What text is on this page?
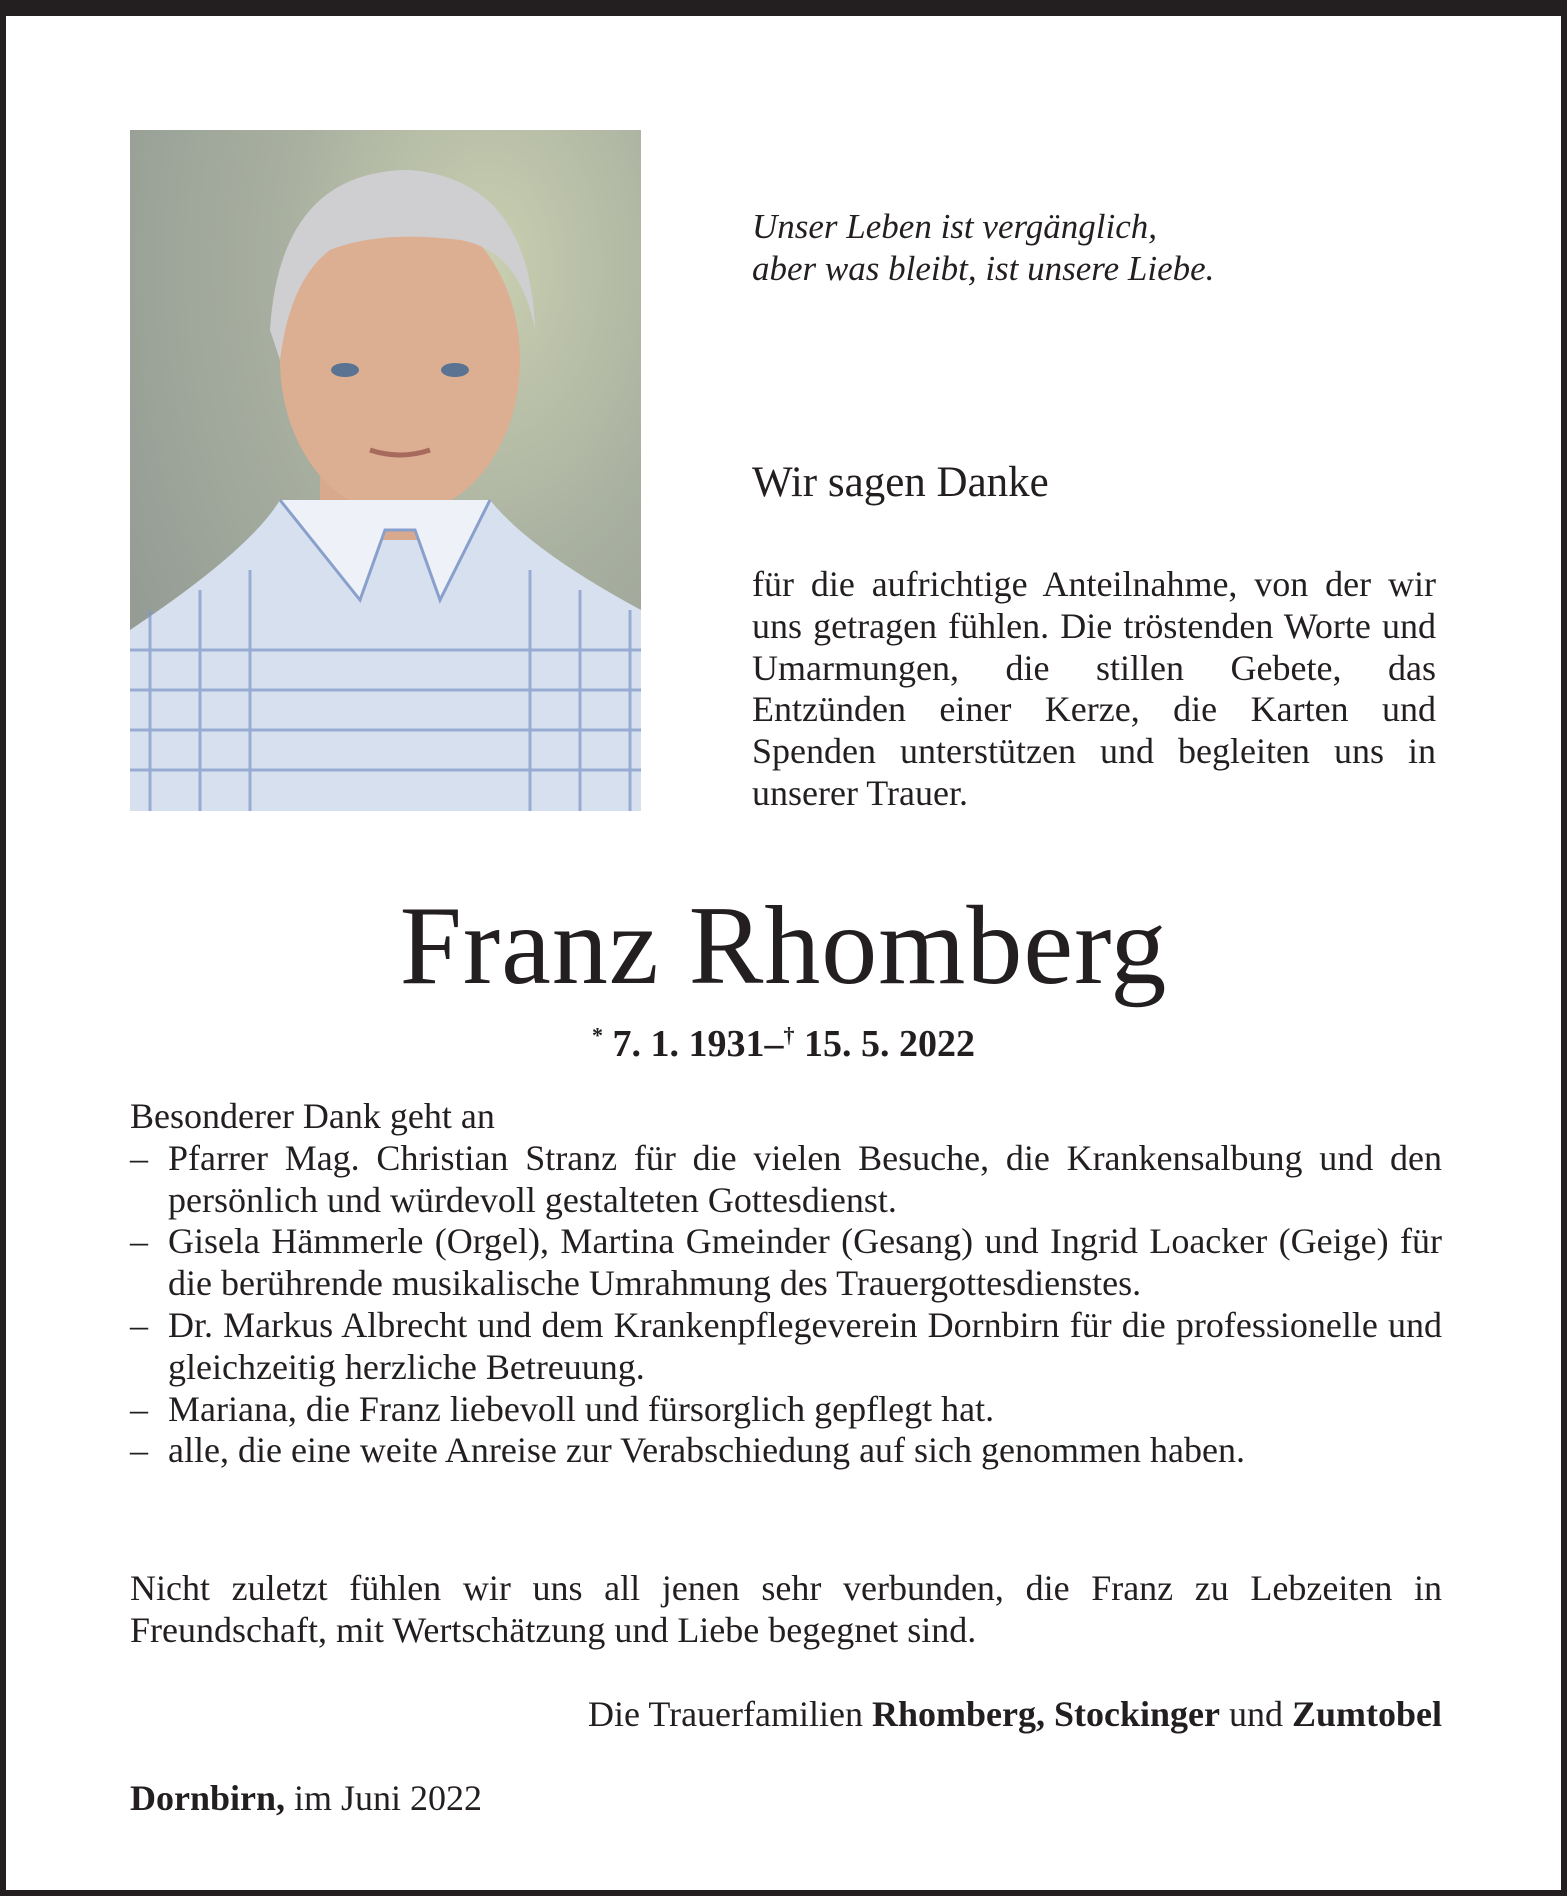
Unser Leben ist vergänglich,
aber was bleibt, ist unsere Liebe.
Wir sagen Danke
für die aufrichtige Anteilnahme, von der wir uns getragen fühlen. Die tröstenden Worte und Umarmungen, die stillen Gebete, das Entzünden einer Kerze, die Karten und Spenden unterstützen und begleiten uns in unserer Trauer.
Franz Rhomberg
* 7. 1. 1931–† 15. 5. 2022
Besonderer Dank geht an
– Pfarrer Mag. Christian Stranz für die vielen Besuche, die Krankensalbung und den persönlich und würdevoll gestalteten Gottesdienst.
– Gisela Hämmerle (Orgel), Martina Gmeinder (Gesang) und Ingrid Loacker (Geige) für die berührende musikalische Umrahmung des Trauergottesdienstes.
– Dr. Markus Albrecht und dem Krankenpflegeverein Dornbirn für die professionelle und gleichzeitig herzliche Betreuung.
– Mariana, die Franz liebevoll und fürsorglich gepflegt hat.
– alle, die eine weite Anreise zur Verabschiedung auf sich genommen haben.
Nicht zuletzt fühlen wir uns all jenen sehr verbunden, die Franz zu Lebzeiten in Freundschaft, mit Wertschätzung und Liebe begegnet sind.
Die Trauerfamilien Rhomberg, Stockinger und Zumtobel
Dornbirn, im Juni 2022
